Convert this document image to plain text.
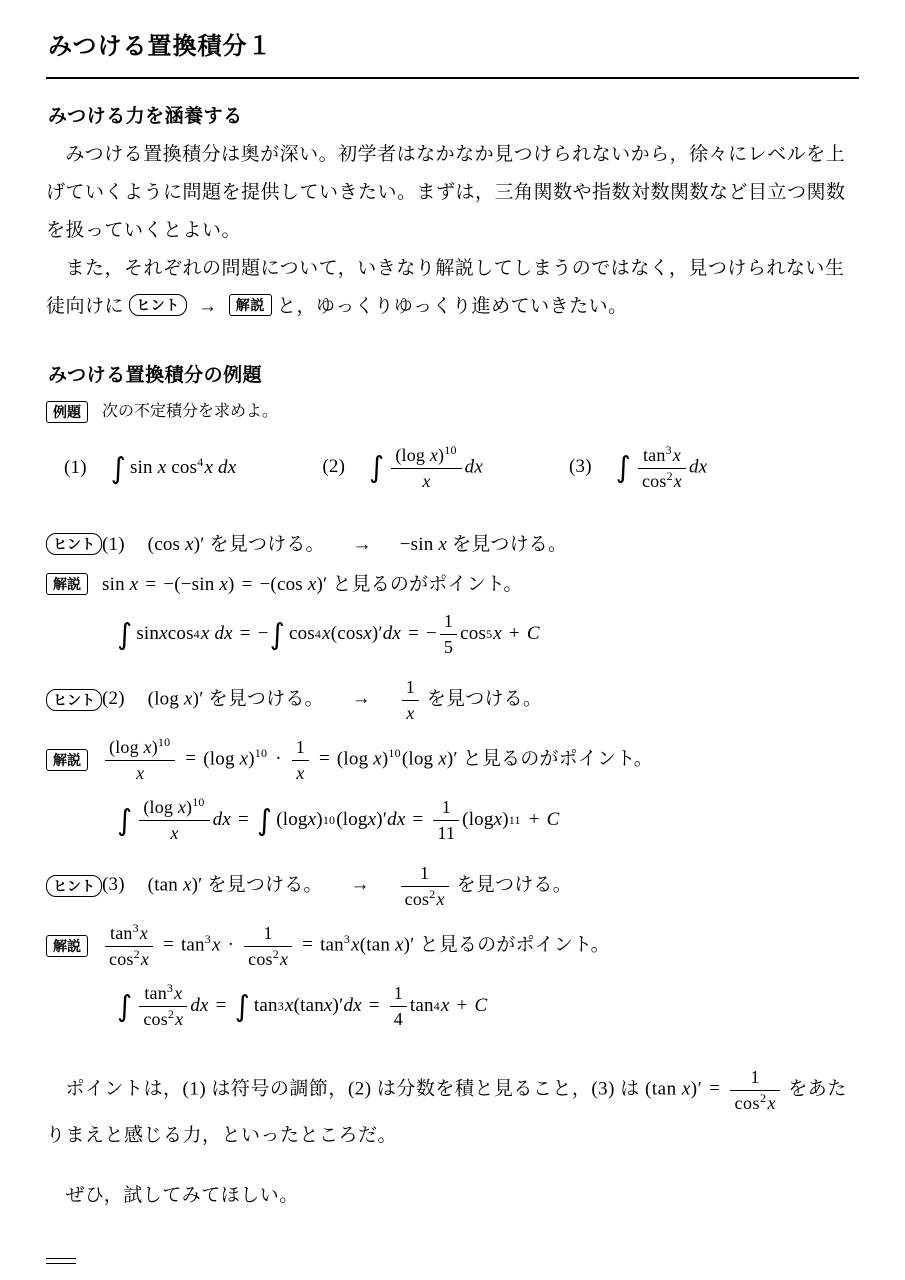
みつける置換積分１
みつける力を涵養する

　みつける置換積分は奥が深い。初学者はなかなか見つけられないから，徐々にレベルを上げていくように問題を提供していきたい。まずは，三角関数や指数対数関数など目立つ関数を扱っていくとよい。

　また，それぞれの問題について，いきなり解説してしまうのではなく，見つけられない生徒向けに ヒント → 解説 と，ゆっくりゆっくり進めていきたい。

みつける置換積分の例題
例題	次の不定積分を求めよ。
(1) ∫ sin x $\cos^4x$ dx	(2) ∫ $\frac{(\log x)^{10}}{x}$ dx	(3) ∫ $\frac{\tan^3x}{\cos^2x}$ dx
ヒント (1) (cos x)′ を見つける。 → −sin x を見つける。
解説	sin x = −(−sin x) = −(cos x)′ と見るのがポイント。
∫ sin x cos 4 x dx = − ∫ cos 4 x ( cos x )′ dx = − $\frac{1}{5}$ cos 5 x + C
ヒント (2) (log x)′ を見つける。 → $\frac{1}{x}$ を見つける。
解説	$\frac{(\log x)^{10}}{x} = (\log$ $x)^{10} \cdot \frac{1}{x} = (\log$ x)$^{10}$(log x)′ と見るのがポイント。
∫ $\frac{(\log x)^{10}}{x}$ dx = ∫ ( log x ) 10 ( log x )′ dx = $\frac{1}{11}$ ( log x ) 11 + C
ヒント (3) (tan x)′ を見つける。 → $\frac{1}{\cos^2x}$ を見つける。
解説	$\frac{\tan^3x}{\cos^2x} = \tan^3x \cdot \frac{1}{\cos^2x} = \tan^3x(\tan$ x)′ と見るのがポイント。
∫ $\frac{\tan^3x}{\cos^2x}$ dx = ∫ tan 3 x ( tan x )′ dx = $\frac{1}{4}$ tan 4 x + C

　ポイントは，(1) は符号の調節，(2) は分数を積と見ること，(3) は (tan $x)' = \frac{1}{\cos^2x}$ をあたりまえと感じる力，といったところだ。

　ぜひ，試してみてほしい。
